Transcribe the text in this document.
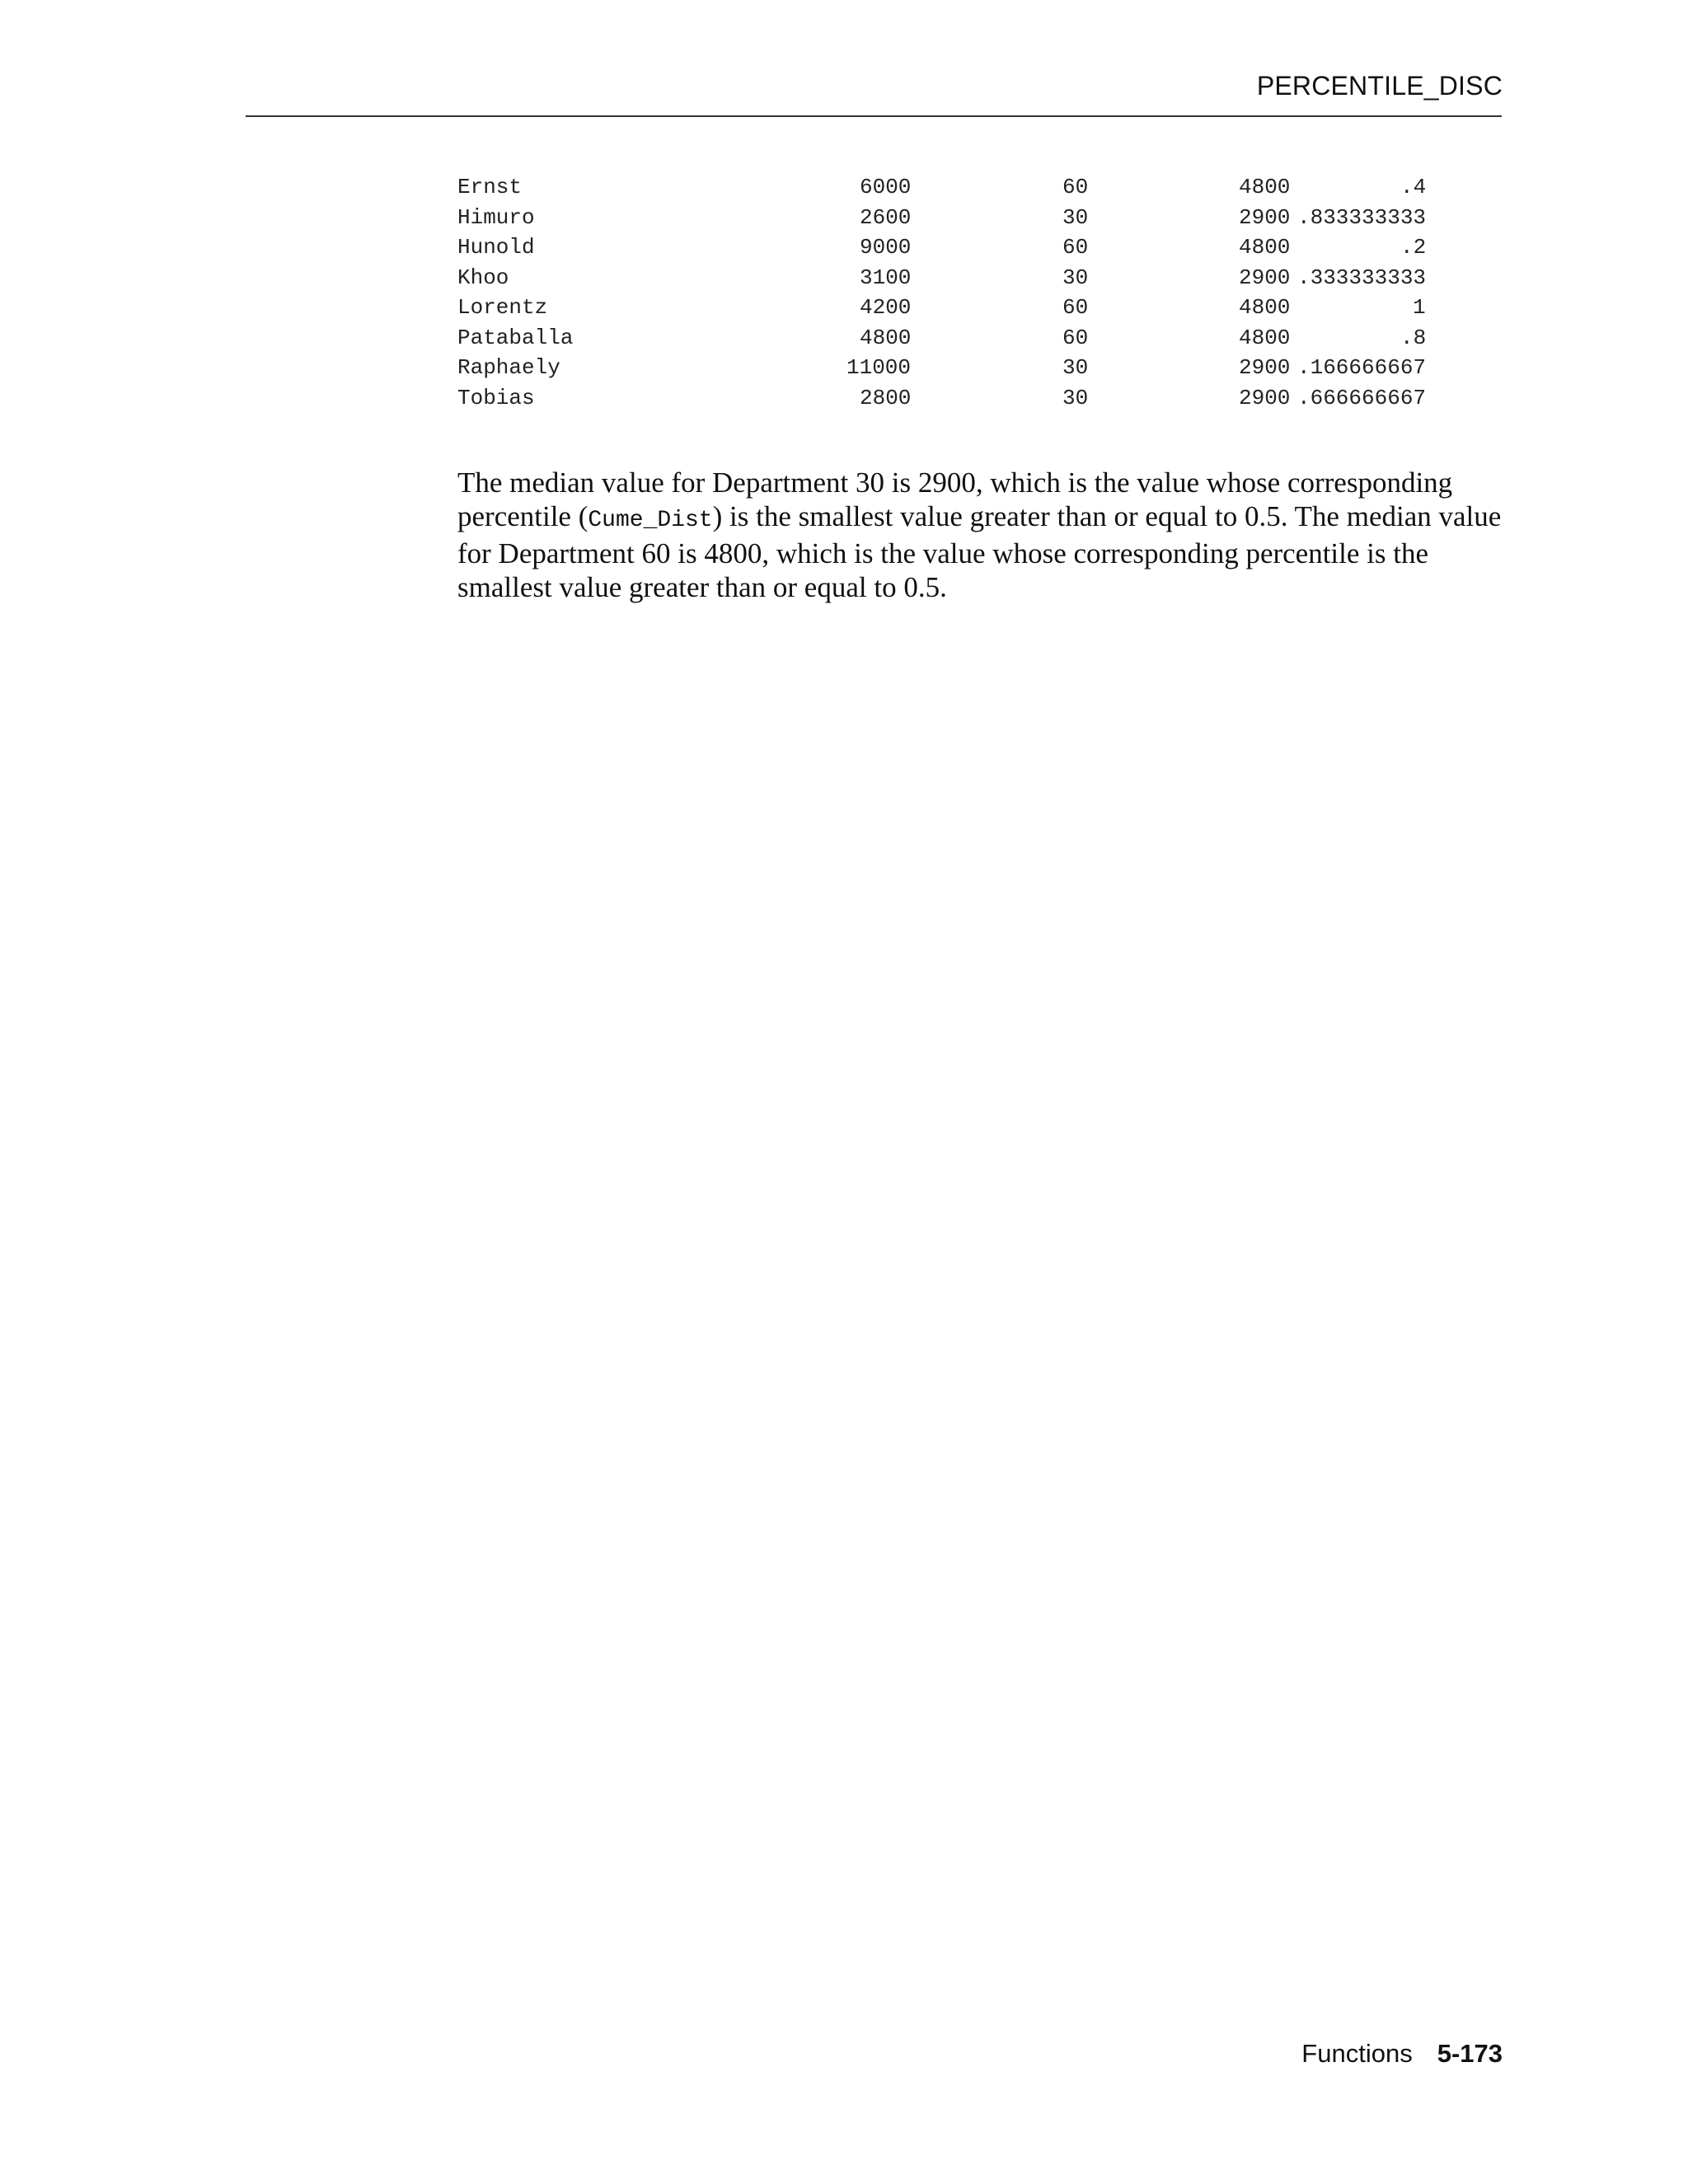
PERCENTILE_DISC
Ernst	6000	60	4800	.4
Himuro	2600	30	2900 .833333333
Hunold	9000	60	4800	.2
Khoo	3100	30	2900 .333333333
Lorentz	4200	60	4800	1
Pataballa	4800	60	4800	.8
Raphaely	11000	30	2900 .166666667
Tobias	2800	30	2900 .666666667

The median value for Department 30 is 2900, which is the value whose corresponding percentile (Cume_Dist) is the smallest value greater than or equal to 0.5. The median value for Department 60 is 4800, which is the value whose corresponding percentile is the smallest value greater than or equal to 0.5.

Functions 5-173
